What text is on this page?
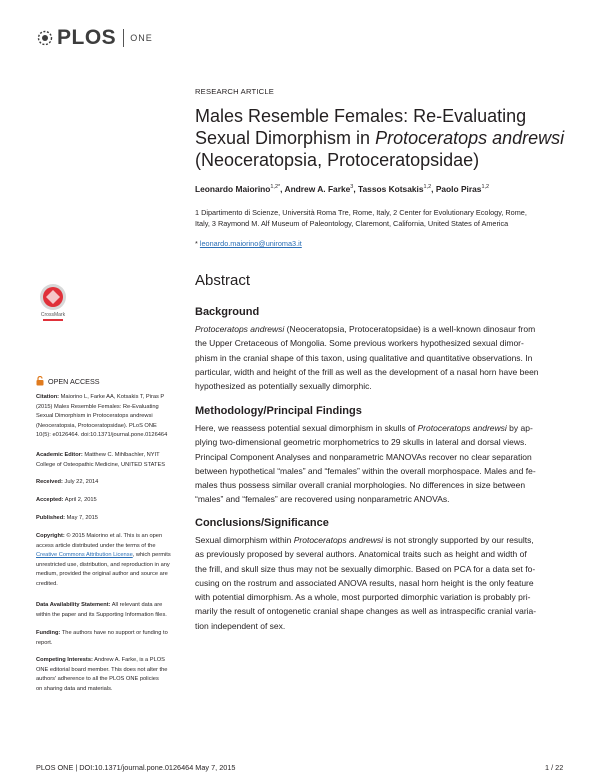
PLOS ONE
RESEARCH ARTICLE
Males Resemble Females: Re-Evaluating
Sexual Dimorphism in Protoceratops andrewsi
(Neoceratopsia, Protoceratopsidae)
Leonardo Maiorino$^{1,2*}$, Andrew A. Farke$^3$, Tassos Kotsakis$^{1,2}$, Paolo Piras$^{1,2}$
1 Dipartimento di Scienze, Università Roma Tre, Rome, Italy, 2 Center for Evolutionary Ecology, Rome,
Italy, 3 Raymond M. Alf Museum of Paleontology, Claremont, California, United States of America
* leonardo.maiorino@uniroma3.it
Abstract
Background
Protoceratops andrewsi (Neoceratopsia, Protoceratopsidae) is a well-known dinosaur from
the Upper Cretaceous of Mongolia. Some previous workers hypothesized sexual dimor-
phism in the cranial shape of this taxon, using qualitative and quantitative observations. In
particular, width and height of the frill as well as the development of a nasal horn have been
hypothesized as potentially sexually dimorphic.
Methodology/Principal Findings
Here, we reassess potential sexual dimorphism in skulls of Protoceratops andrewsi by ap-
plying two-dimensional geometric morphometrics to 29 skulls in lateral and dorsal views.
Principal Component Analyses and nonparametric MANOVAs recover no clear separation
between hypothetical “males” and “females” within the overall morphospace. Males and fe-
males thus possess similar overall cranial morphologies. No differences in size between
“males” and “females” are recovered using nonparametric ANOVAs.
Conclusions/Significance
Sexual dimorphism within Protoceratops andrewsi is not strongly supported by our results,
as previously proposed by several authors. Anatomical traits such as height and width of
the frill, and skull size thus may not be sexually dimorphic. Based on PCA for a data set fo-
cusing on the rostrum and associated ANOVA results, nasal horn height is the only feature
with potential dimorphism. As a whole, most purported dimorphic variation is probably pri-
marily the result of ontogenetic cranial shape changes as well as intraspecific cranial varia-
tion independent of sex.
CrossMark
OPEN ACCESS
Citation: Maiorino L, Farke AA, Kotsakis T, Piras P
(2015) Males Resemble Females: Re-Evaluating
Sexual Dimorphism in Protoceratops andrewsi
(Neoceratopsia, Protoceratopsidae). PLoS ONE
10(5): e0126464. doi:10.1371/journal.pone.0126464
Academic Editor: Matthew C. Mihlbachler, NYIT
College of Osteopathic Medicine, UNITED STATES
Received: July 22, 2014
Accepted: April 2, 2015
Published: May 7, 2015
Copyright: © 2015 Maiorino et al. This is an open
access article distributed under the terms of the
Creative Commons Attribution License, which permits
unrestricted use, distribution, and reproduction in any
medium, provided the original author and source are
credited.
Data Availability Statement: All relevant data are
within the paper and its Supporting Information files.
Funding: The authors have no support or funding to
report.
Competing Interests: Andrew A. Farke, is a PLOS
ONE editorial board member. This does not alter the
authors' adherence to all the PLOS ONE policies
on sharing data and materials.
PLOS ONE | DOI:10.1371/journal.pone.0126464 May 7, 2015	1 / 22
